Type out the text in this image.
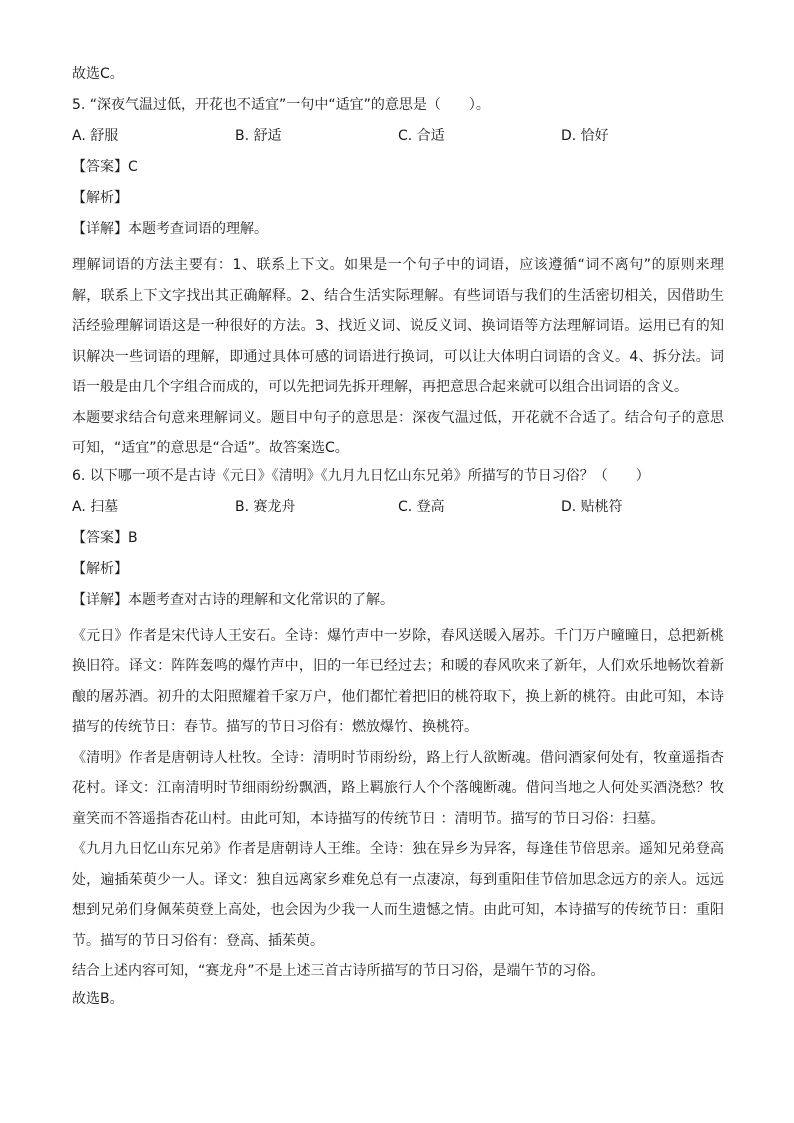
故选C。
5. “深夜气温过低，开花也不适宜”一句中“适宜”的意思是（　　）。
A. 舒服	B. 舒适	C. 合适	D. 恰好
【答案】C
【解析】
【详解】本题考查词语的理解。

理解词语的方法主要有：1、联系上下文。如果是一个句子中的词语，应该遵循“词不离句”的原则来理解，联系上下文字找出其正确解释。2、结合生活实际理解。有些词语与我们的生活密切相关，因借助生活经验理解词语这是一种很好的方法。3、找近义词、说反义词、换词语等方法理解词语。运用已有的知识解决一些词语的理解，即通过具体可感的词语进行换词，可以让大体明白词语的含义。4、拆分法。词语一般是由几个字组合而成的，可以先把词先拆开理解，再把意思合起来就可以组合出词语的含义。

本题要求结合句意来理解词义。题目中句子的意思是：深夜气温过低，开花就不合适了。结合句子的意思可知，“适宜”的意思是“合适”。故答案选C。

6. 以下哪一项不是古诗《元日》《清明》《九月九日忆山东兄弟》所描写的节日习俗？（　　）
A. 扫墓	B. 赛龙舟	C. 登高	D. 贴桃符
【答案】B
【解析】
【详解】本题考查对古诗的理解和文化常识的了解。

《元日》作者是宋代诗人王安石。全诗：爆竹声中一岁除，春风送暖入屠苏。千门万户曈曈日，总把新桃换旧符。译文：阵阵轰鸣的爆竹声中，旧的一年已经过去；和暖的春风吹来了新年，人们欢乐地畅饮着新酿的屠苏酒。初升的太阳照耀着千家万户，他们都忙着把旧的桃符取下，换上新的桃符。由此可知，本诗描写的传统节日：春节。描写的节日习俗有：燃放爆竹、换桃符。

《清明》作者是唐朝诗人杜牧。全诗：清明时节雨纷纷，路上行人欲断魂。借问酒家何处有，牧童遥指杏花村。译文：江南清明时节细雨纷纷飘洒，路上羁旅行人个个落魄断魂。借问当地之人何处买酒浇愁？牧童笑而不答遥指杏花山村。由此可知，本诗描写的传统节日 ：清明节。描写的节日习俗：扫墓。

《九月九日忆山东兄弟》作者是唐朝诗人王维。全诗：独在异乡为异客，每逢佳节倍思亲。遥知兄弟登高处，遍插茱萸少一人。译文：独自远离家乡难免总有一点凄凉，每到重阳佳节倍加思念远方的亲人。远远想到兄弟们身佩茱萸登上高处，也会因为少我一人而生遗憾之情。由此可知，本诗描写的传统节日：重阳节。描写的节日习俗有：登高、插茱萸。

结合上述内容可知，“赛龙舟”不是上述三首古诗所描写的节日习俗，是端午节的习俗。

故选B。
